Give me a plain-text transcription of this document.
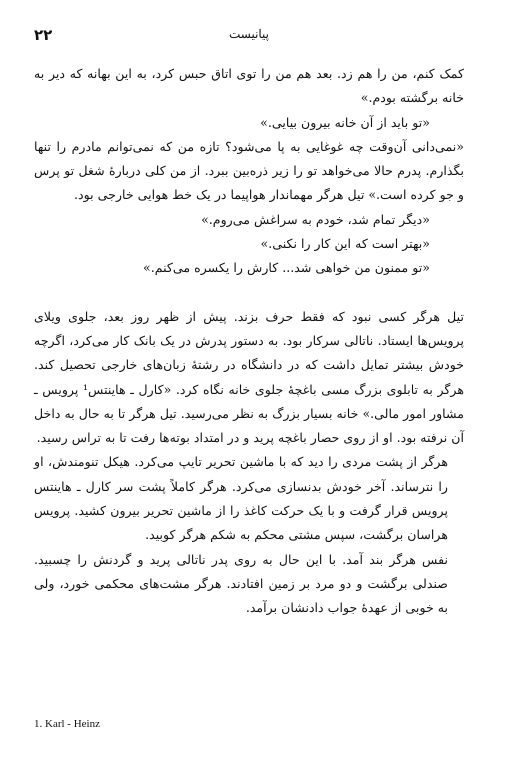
۲۲	پیانیست

کمک کنم، من را هم زد. بعد هم من را توی اتاق حبس کرد، به این بهانه که دیر به خانه برگشته بودم.»

«تو باید از آن خانه بیرون بیایی.»

«نمی‌دانی آن‌وقت چه غوغایی به پا می‌شود؟ تازه من که نمی‌توانم مادرم را تنها بگذارم. پدرم حالا می‌خواهد تو را زیر ذره‌بین ببرد. از من کلی دربارهٔ شغل تو پرس و جو کرده است.» تیل هرگر مهماندار هواپیما در یک خط هوایی خارجی بود.

«دیگر تمام شد، خودم به سراغش می‌روم.»

«بهتر است که این کار را نکنی.»

«تو ممنون من خواهی شد... کارش را یکسره می‌کنم.»

تیل هرگر کسی نبود که فقط حرف بزند. پیش از ظهر روز بعد، جلوی ویلای پرویس‌ها ایستاد. ناتالی سرکار بود. به دستور پدرش در یک بانک کار می‌کرد، اگرچه خودش بیشتر تمایل داشت که در دانشگاه در رشتهٔ زبان‌های خارجی تحصیل کند. هرگر به تابلوی بزرگ مسی باغچهٔ جلوی خانه نگاه کرد. «کارل ـ هاینتس¹ پرویس ـ مشاور امور مالی.» خانه بسیار بزرگ به نظر می‌رسید. تیل هرگر تا به حال به داخل آن نرفته بود. او از روی حصار باغچه پرید و در امتداد بوته‌ها رفت تا به تراس رسید.

هرگر از پشت مردی را دید که با ماشین تحریر تایپ می‌کرد. هیکل تنومندش، او را نترساند. آخر خودش بدنسازی می‌کرد. هرگر کاملاً پشت سر کارل ـ هاینتس پرویس قرار گرفت و با یک حرکت کاغذ را از ماشین تحریر بیرون کشید. پرویس هراسان برگشت، سپس مشتی محکم به شکم هرگر کوبید.

نفس هرگر بند آمد. با این حال به روی پدر ناتالی پرید و گردنش را چسبید. صندلی برگشت و دو مرد بر زمین افتادند. هرگر مشت‌های محکمی خورد، ولی به خوبی از عهدهٔ جواب دادنشان برآمد.

1. Karl - Heinz
